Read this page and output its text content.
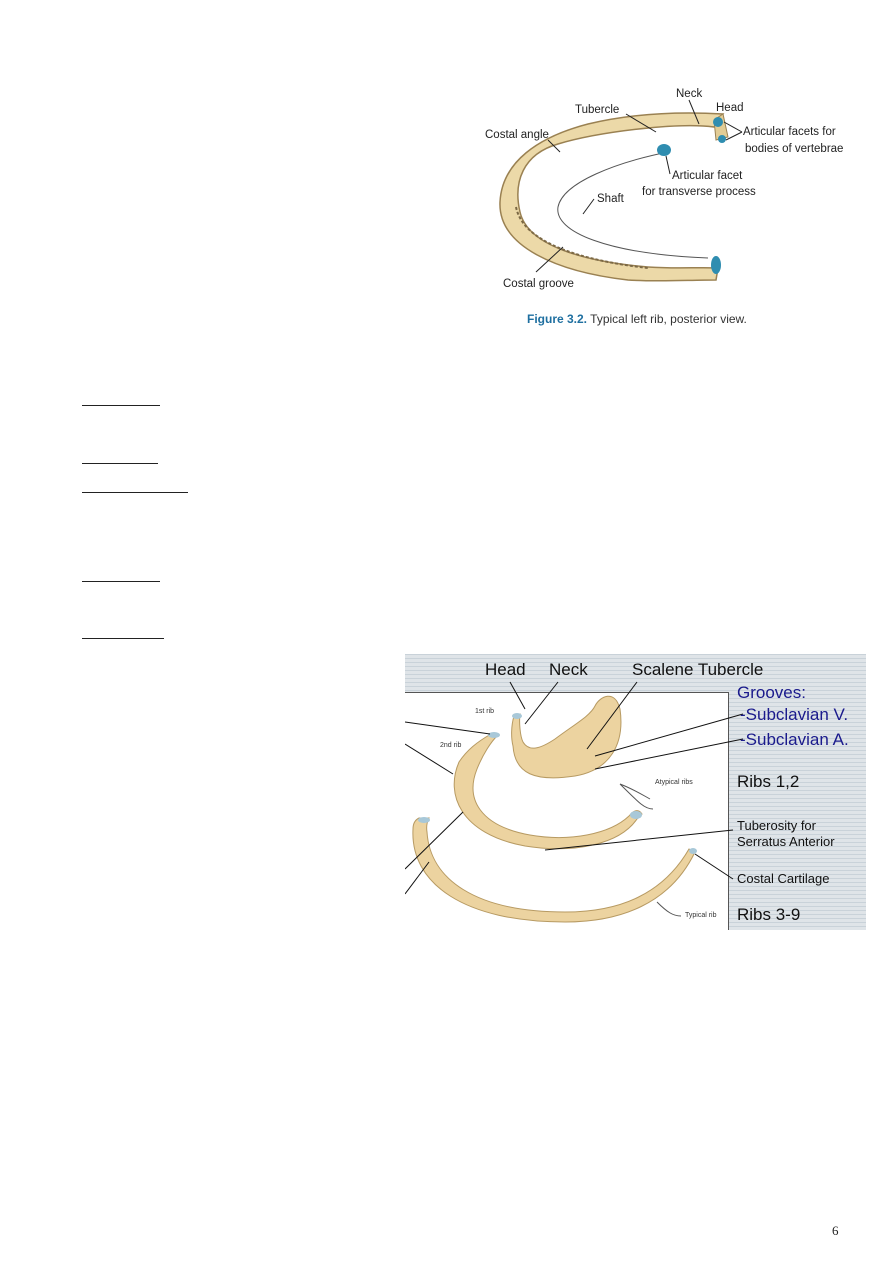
Neck
Head
Tubercle
Costal angle	Articular facets for
bodies of vertebrae
Articular facet
for transverse process
Shaft
Costal groove
Figure 3.2. Typical left rib, posterior view.
Head Neck	Scalene Tubercle
Grooves:
-Subclavian V.
-Subclavian A.
Ribs 1,2
Tuberosity for
Serratus Anterior
Costal Cartilage
Ribs 3-9
1st rib
2nd rib
Atypical ribs
Typical rib
6
